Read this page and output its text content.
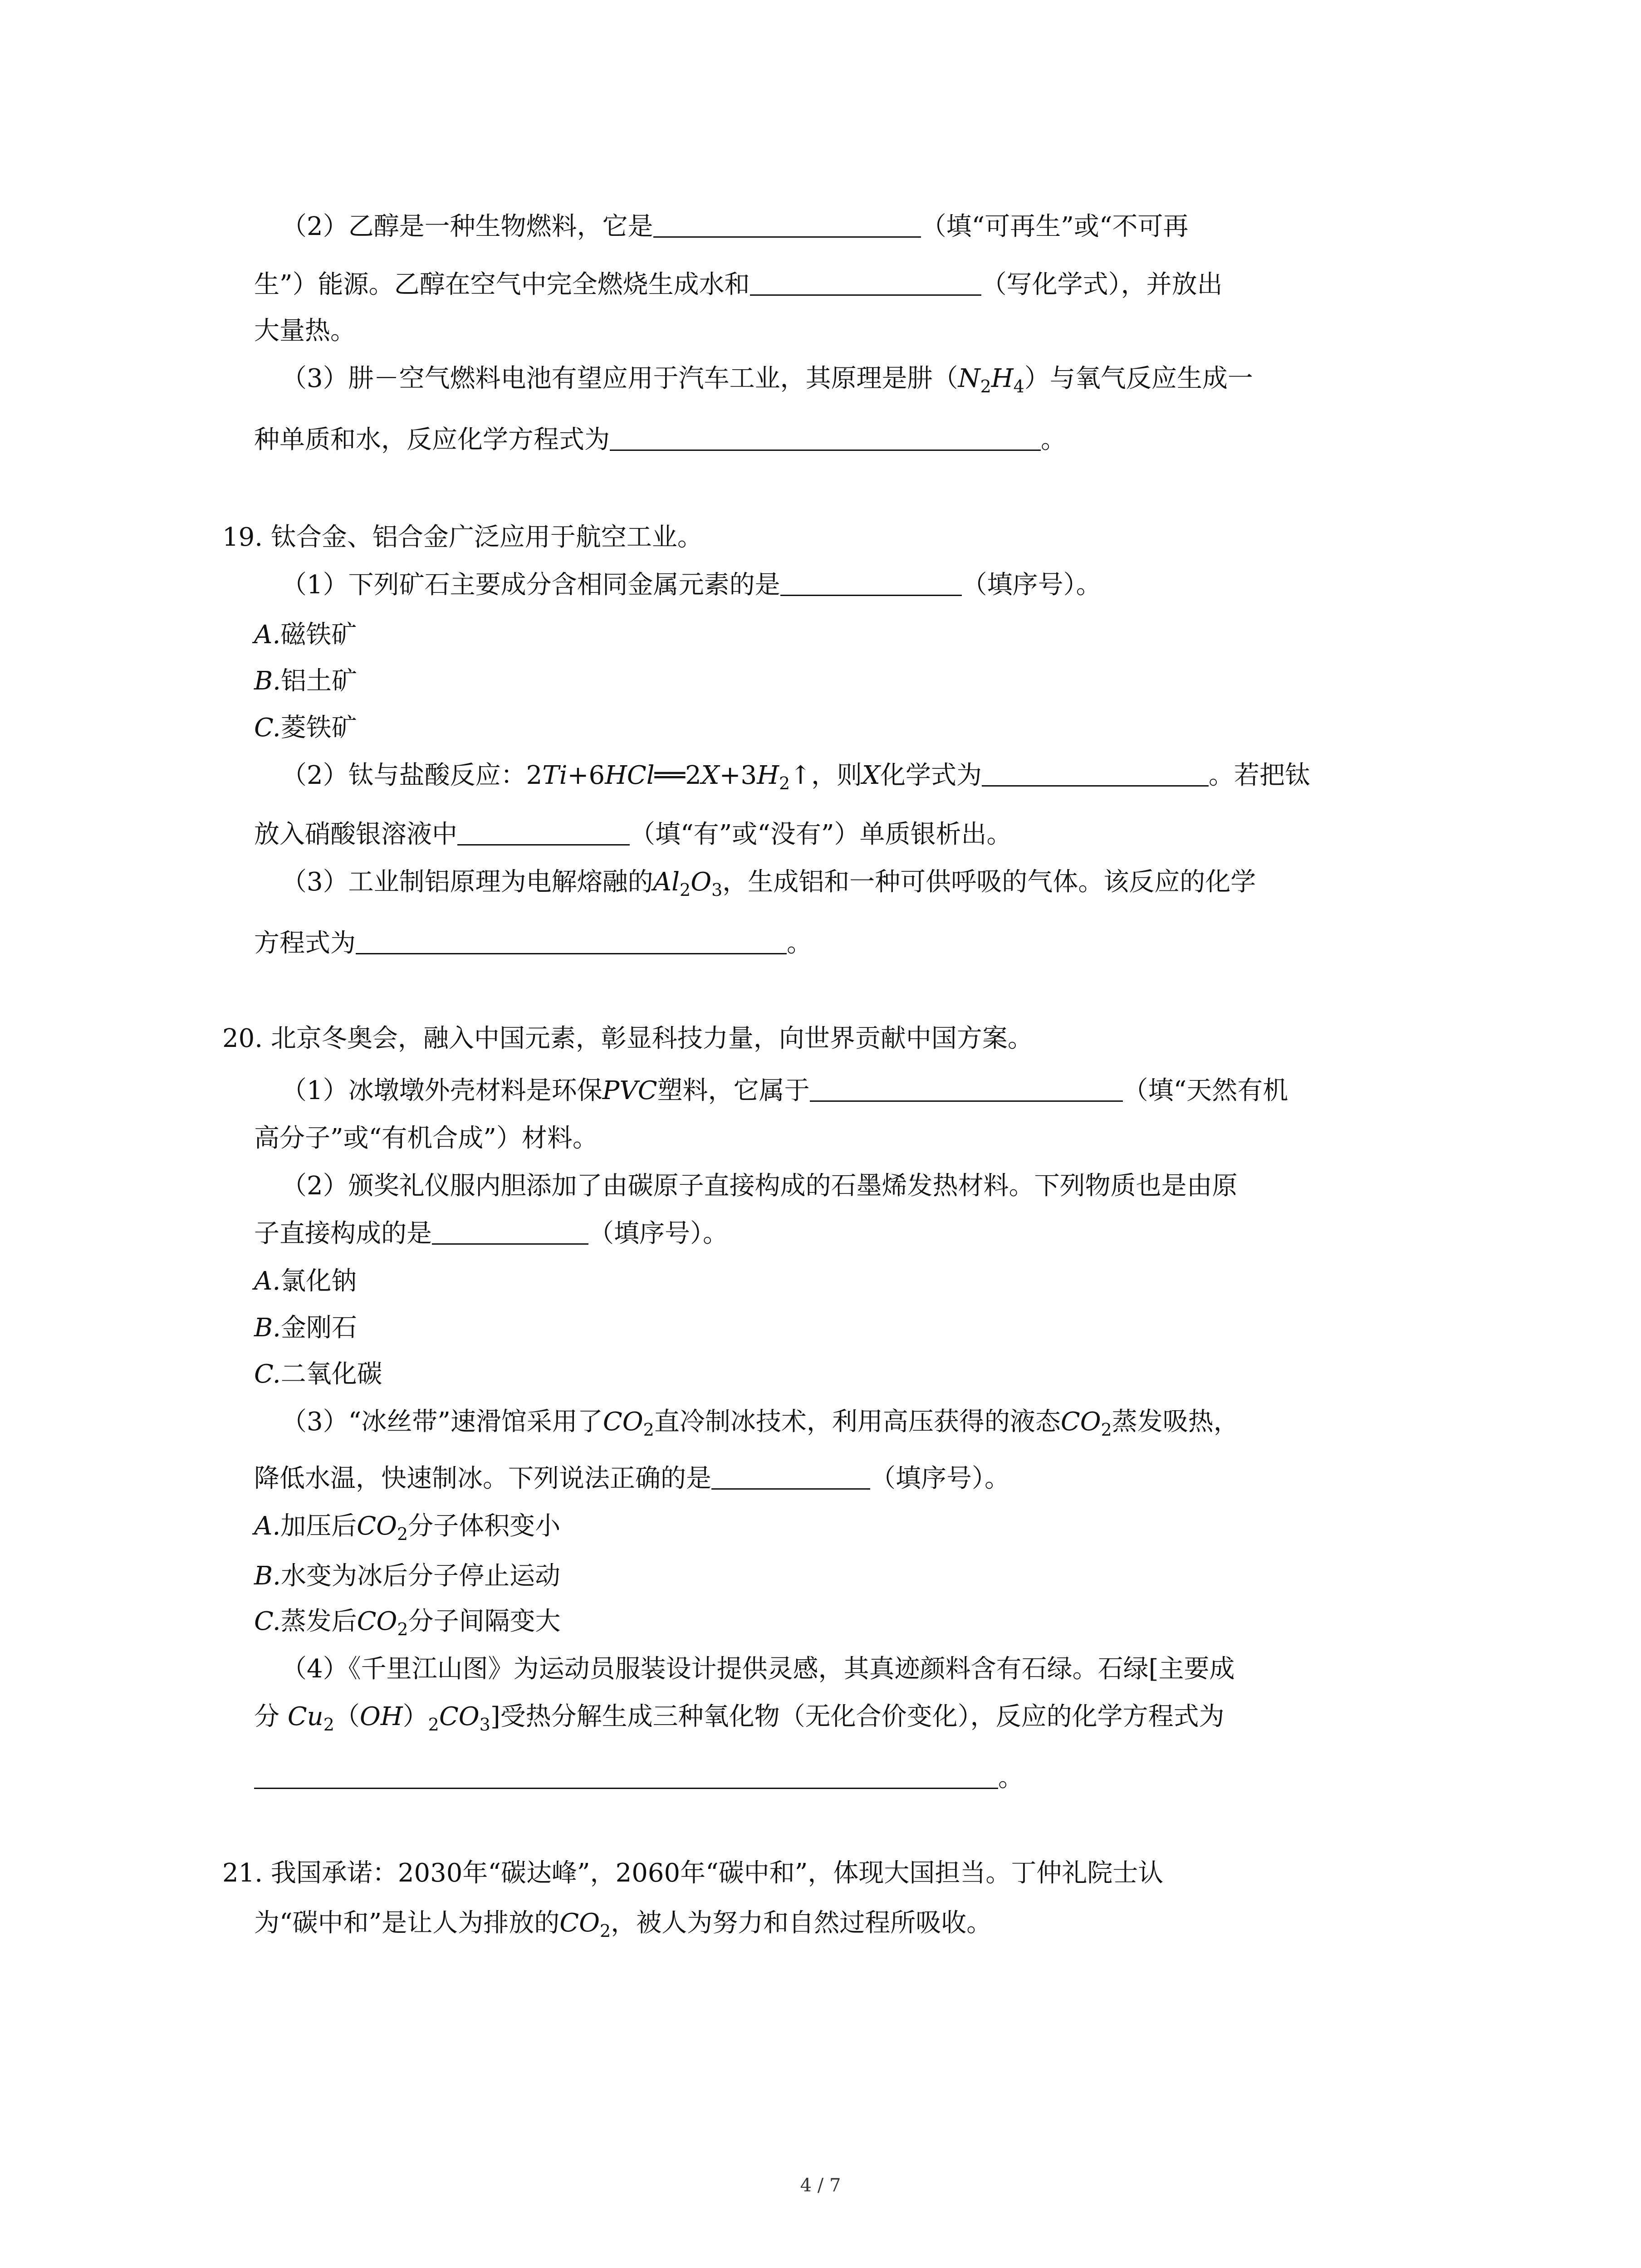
（2）乙醇是一种生物燃料，它是	（填“可再生”或“不可再
生”）能源。乙醇在空气中完全燃烧生成水和	（写化学式），并放出
大量热。
（3）肼－空气燃料电池有望应用于汽车工业，其原理是肼$(N_2H_4)$与氧气反应生成一
种单质和水，反应化学方程式为	。
19. 钛合金、铝合金广泛应用于航空工业。
（1）下列矿石主要成分含相同金属元素的是	（填序号）。
A.磁铁矿
B.铝土矿
C.菱铁矿
（2）钛与盐酸反应：$2Ti+6HCl══2X+3H_2↑$，则X化学式为	。若把钛
放入硝酸银溶液中	（填“有”或“没有”）单质银析出。
（3）工业制铝原理为电解熔融的$Al_2O_3$，生成铝和一种可供呼吸的气体。该反应的化学
方程式为	。
20. 北京冬奥会，融入中国元素，彰显科技力量，向世界贡献中国方案。
（1）冰墩墩外壳材料是环保PVC塑料，它属于	（填“天然有机
高分子”或“有机合成”）材料。
（2）颁奖礼仪服内胆添加了由碳原子直接构成的石墨烯发热材料。下列物质也是由原
子直接构成的是	（填序号）。
A.氯化钠
B.金刚石
C.二氧化碳
（3）“冰丝带”速滑馆采用了$CO_2$直冷制冰技术，利用高压获得的液态$CO_2$蒸发吸热，
降低水温，快速制冰。下列说法正确的是	（填序号）。
A.加压后$CO_2$分子体积变小
B.水变为冰后分子停止运动
C.蒸发后$CO_2$分子间隔变大
（4）《千里江山图》为运动员服装设计提供灵感，其真迹颜料含有石绿。石绿[主要成
分 $Cu_2(OH)_2CO_3$]受热分解生成三种氧化物（无化合价变化），反应的化学方程式为
。
21. 我国承诺：2030年“碳达峰”，2060年“碳中和”，体现大国担当。丁仲礼院士认
为“碳中和”是让人为排放的$CO_2$，被人为努力和自然过程所吸收。
4 / 7
